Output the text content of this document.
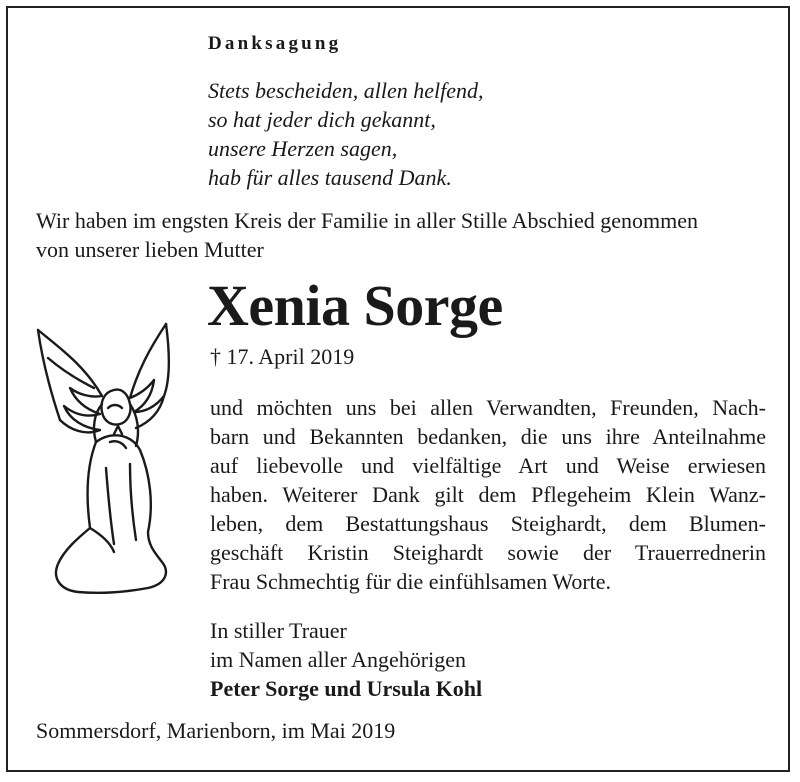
Danksagung

Stets bescheiden, allen helfend,
so hat jeder dich gekannt,
unsere Herzen sagen,
hab für alles tausend Dank.
Wir haben im engsten Kreis der Familie in aller Stille Abschied genommen
von unserer lieben Mutter

Xenia Sorge

† 17. April 2019

und möchten uns bei allen Verwandten, Freunden, Nach-
barn und Bekannten bedanken, die uns ihre Anteilnahme
auf liebevolle und vielfältige Art und Weise erwiesen
haben. Weiterer Dank gilt dem Pflegeheim Klein Wanz-
leben, dem Bestattungshaus Steighardt, dem Blumen-
geschäft Kristin Steighardt sowie der Trauerrednerin
Frau Schmechtig für die einfühlsamen Worte.
In stiller Trauer
im Namen aller Angehörigen
Peter Sorge und Ursula Kohl

Sommersdorf, Marienborn, im Mai 2019
